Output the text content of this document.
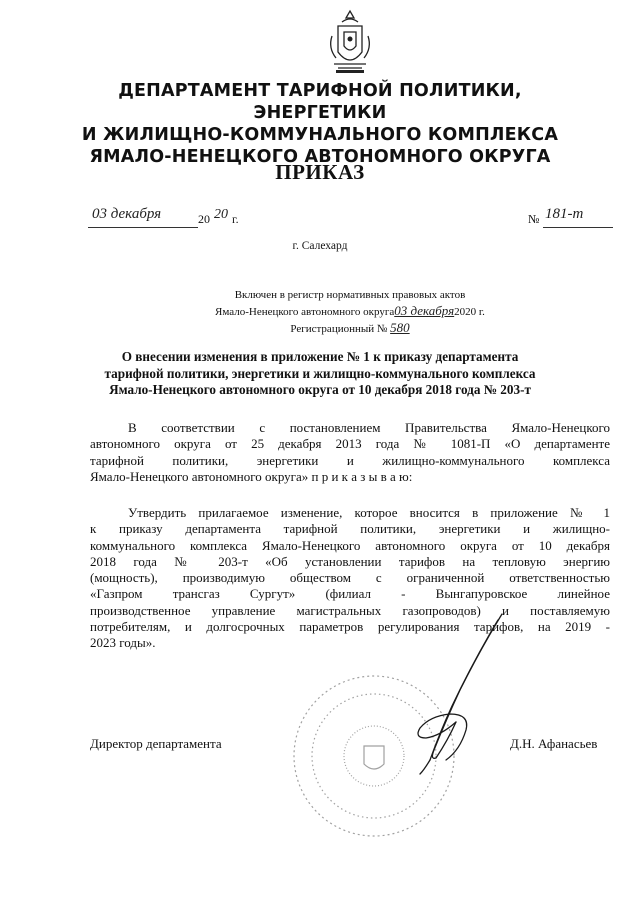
ДЕПАРТАМЕНТ ТАРИФНОЙ ПОЛИТИКИ, ЭНЕРГЕТИКИ
И ЖИЛИЩНО-КОММУНАЛЬНОГО КОМПЛЕКСА
ЯМАЛО-НЕНЕЦКОГО АВТОНОМНОГО ОКРУГА
ПРИКАЗ
03 декабря	20 20 г.	№ 181-т
г. Салехард
Включен в регистр нормативных правовых актов
Ямало-Ненецкого автономного округа03 декабря2020 г.
Регистрационный № 580
О внесении изменения в приложение № 1 к приказу департамента
тарифной политики, энергетики и жилищно-коммунального комплекса
Ямало-Ненецкого автономного округа от 10 декабря 2018 года № 203-т
В соответствии с постановлением Правительства Ямало-Ненецкого
автономного округа от 25 декабря 2013 года № 1081-П «О департаменте
тарифной политики, энергетики и жилищно-коммунального комплекса
Ямало-Ненецкого автономного округа» п р и к а з ы в а ю:
Утвердить прилагаемое изменение, которое вносится в приложение № 1
к приказу департамента тарифной политики, энергетики и жилищно-
коммунального комплекса Ямало-Ненецкого автономного округа от 10 декабря
2018 года № 203-т «Об установлении тарифов на тепловую энергию
(мощность), производимую обществом с ограниченной ответственностью
«Газпром трансгаз Сургут» (филиал - Вынгапуровское линейное
производственное управление магистральных газопроводов) и поставляемую
потребителям, и долгосрочных параметров регулирования тарифов, на 2019 -
2023 годы».
Директор департамента	Д.Н. Афанасьев
